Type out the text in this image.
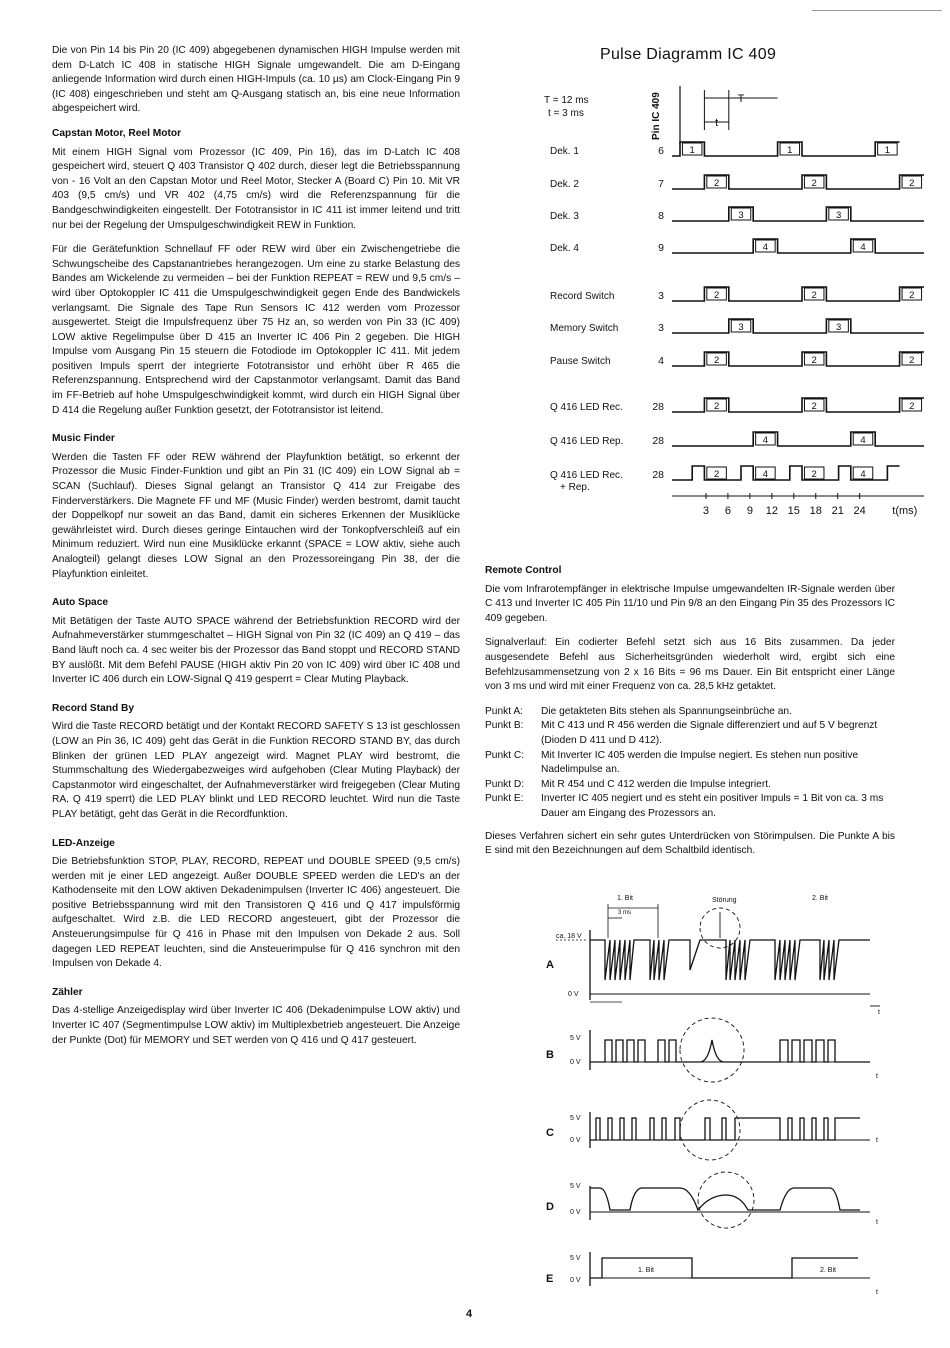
Die von Pin 14 bis Pin 20 (IC 409) abgegebenen dynamischen HIGH Impulse werden mit dem D-Latch IC 408 in statische HIGH Signale umgewandelt. Die am D-Eingang anliegende Information wird durch einen HIGH-Impuls (ca. 10 µs) am Clock-Eingang Pin 9 (IC 408) eingeschrieben und steht am Q-Ausgang statisch an, bis eine neue Information abgespeichert wird.

Capstan Motor, Reel Motor

Mit einem HIGH Signal vom Prozessor (IC 409, Pin 16), das im D-Latch IC 408 gespeichert wird, steuert Q 403 Transistor Q 402 durch, dieser legt die Betriebsspannung von - 16 Volt an den Capstan Motor und Reel Motor, Stecker A (Board C) Pin 10. Mit VR 403 (9,5 cm/s) und VR 402 (4,75 cm/s) wird die Referenzspannung für die Bandgeschwindigkeiten eingestellt. Der Fototransistor in IC 411 ist immer leitend und tritt nur bei der Regelung der Umspulgeschwindigkeit REW in Funktion.

Für die Gerätefunktion Schnellauf FF oder REW wird über ein Zwischengetriebe die Schwungscheibe des Capstanantriebes herangezogen. Um eine zu starke Belastung des Bandes am Wickelende zu vermeiden – bei der Funktion REPEAT = REW und 9,5 cm/s – wird über Optokoppler IC 411 die Umspulgeschwindigkeit gegen Ende des Bandwickels verlangsamt. Die Signale des Tape Run Sensors IC 412 werden vom Prozessor ausgewertet. Steigt die Impulsfrequenz über 75 Hz an, so werden von Pin 33 (IC 409) LOW aktive Regelimpulse über D 415 an Inverter IC 406 Pin 2 gegeben. Die HIGH Impulse vom Ausgang Pin 15 steuern die Fotodiode im Optokoppler IC 411. Mit jedem positiven Impuls sperrt der integrierte Fototransistor und erhöht über R 465 die Referenzspannung. Entsprechend wird der Capstanmotor verlangsamt. Damit das Band im FF-Betrieb auf hohe Umspulgeschwindigkeit kommt, wird durch ein HIGH Signal über D 414 die Regelung außer Funktion gesetzt, der Fototransistor ist leitend.

Music Finder

Werden die Tasten FF oder REW während der Playfunktion betätigt, so erkennt der Prozessor die Music Finder-Funktion und gibt an Pin 31 (IC 409) ein LOW Signal ab = SCAN (Suchlauf). Dieses Signal gelangt an Transistor Q 414 zur Freigabe des Finderverstärkers. Die Magnete FF und MF (Music Finder) werden bestromt, damit taucht der Doppelkopf nur soweit an das Band, damit ein sicheres Erkennen der Musiklücke gewährleistet wird. Durch dieses geringe Eintauchen wird der Tonkopfverschleiß auf ein Minimum reduziert. Wird nun eine Musiklücke erkannt (SPACE = LOW aktiv, siehe auch Analogteil) gelangt dieses LOW Signal an den Prozessoreingang Pin 38, der die Playfunktion einleitet.

Auto Space

Mit Betätigen der Taste AUTO SPACE während der Betriebsfunktion RECORD wird der Aufnahmeverstärker stummgeschaltet – HIGH Signal von Pin 32 (IC 409) an Q 419 – das Band läuft noch ca. 4 sec weiter bis der Prozessor das Band stoppt und RECORD STAND BY auslößt. Mit dem Befehl PAUSE (HIGH aktiv Pin 20 von IC 409) wird über IC 408 und Inverter IC 406 durch ein LOW-Signal Q 419 gesperrt = Clear Muting Playback.

Record Stand By

Wird die Taste RECORD betätigt und der Kontakt RECORD SAFETY S 13 ist geschlossen (LOW an Pin 36, IC 409) geht das Gerät in die Funktion RECORD STAND BY, das durch Blinken der grünen LED PLAY angezeigt wird. Magnet PLAY wird bestromt, die Stummschaltung des Wiedergabezweiges wird aufgehoben (Clear Muting Playback) der Capstanmotor wird eingeschaltet, der Aufnahmeverstärker wird freigegeben (Clear Muting RA, Q 419 sperrt) die LED PLAY blinkt und LED RECORD leuchtet. Wird nun die Taste PLAY betätigt, geht das Gerät in die Recordfunktion.

LED-Anzeige

Die Betriebsfunktion STOP, PLAY, RECORD, REPEAT und DOUBLE SPEED (9,5 cm/s) werden mit je einer LED angezeigt. Außer DOUBLE SPEED werden die LED's an der Kathodenseite mit den LOW aktiven Dekadenimpulsen (Inverter IC 406) angesteuert. Die positive Betriebsspannung wird mit den Transistoren Q 416 und Q 417 impulsförmig aufgeschaltet. Wird z.B. die LED RECORD angesteuert, gibt der Prozessor die Ansteuerungsimpulse für Q 416 in Phase mit den Impulsen von Dekade 2 aus. Soll dagegen LED REPEAT leuchten, sind die Ansteuerimpulse für Q 416 synchron mit den Impulsen von Dekade 4.

Zähler

Das 4-stellige Anzeigedisplay wird über Inverter IC 406 (Dekadenimpulse LOW aktiv) und Inverter IC 407 (Segmentimpulse LOW aktiv) im Multiplexbetrieb angesteuert. Die Anzeige der Punkte (Dot) für MEMORY und SET werden von Q 416 und Q 417 gesteuert.

Pulse Diagramm IC 409
T = 12 ms
t = 3 ms	Pin IC 409	T
t
Dek. 1	6	1	1	1
Dek. 2	7	2	2	2
Dek. 3	8	3	3
Dek. 4	9	4	4
Record Switch	3	2	2	2
Memory Switch	3	3	3
Pause Switch	4	2	2	2
Q 416 LED Rec.	28	2	2	2
Q 416 LED Rep.	28	4	4
Q 416 LED Rec.
+ Rep.
28	2	4	2	4
3 6 9 12 15 18 21 24 t(ms)
Remote Control

Die vom Infrarotempfänger in elektrische Impulse umgewandelten IR-Signale werden über C 413 und Inverter IC 405 Pin 11/10 und Pin 9/8 an den Eingang Pin 35 des Prozessors IC 409 gegeben.

Signalverlauf: Ein codierter Befehl setzt sich aus 16 Bits zusammen. Da jeder ausgesendete Befehl aus Sicherheitsgründen wiederholt wird, ergibt sich eine Befehlzusammensetzung von 2 x 16 Bits = 96 ms Dauer. Ein Bit entspricht einer Länge von 3 ms und wird mit einer Frequenz von ca. 28,5 kHz getaktet.

Punkt A:	Die getakteten Bits stehen als Spannungseinbrüche an.
Punkt B:	Mit C 413 und R 456 werden die Signale differenziert und auf 5 V begrenzt (Dioden D 411 und D 412).
Punkt C:	Mit Inverter IC 405 werden die Impulse negiert. Es stehen nun positive Nadelimpulse an.
Punkt D:	Mit R 454 und C 412 werden die Impulse integriert.
Punkt E:	Inverter IC 405 negiert und es steht ein positiver Impuls = 1 Bit von ca. 3 ms Dauer am Eingang des Prozessors an.

Dieses Verfahren sichert ein sehr gutes Unterdrücken von Störimpulsen. Die Punkte A bis E sind mit den Bezeichnungen auf dem Schaltbild identisch.

1. Bit
3 ms
Störung	2. Bit
ca. 18 V
0 V
A
t
5 V
0 V
B
t
5 V
0 V
C
t
5 V
0 V
D
t
5 V
0 V
E
1. Bit	2. Bit
t
4
